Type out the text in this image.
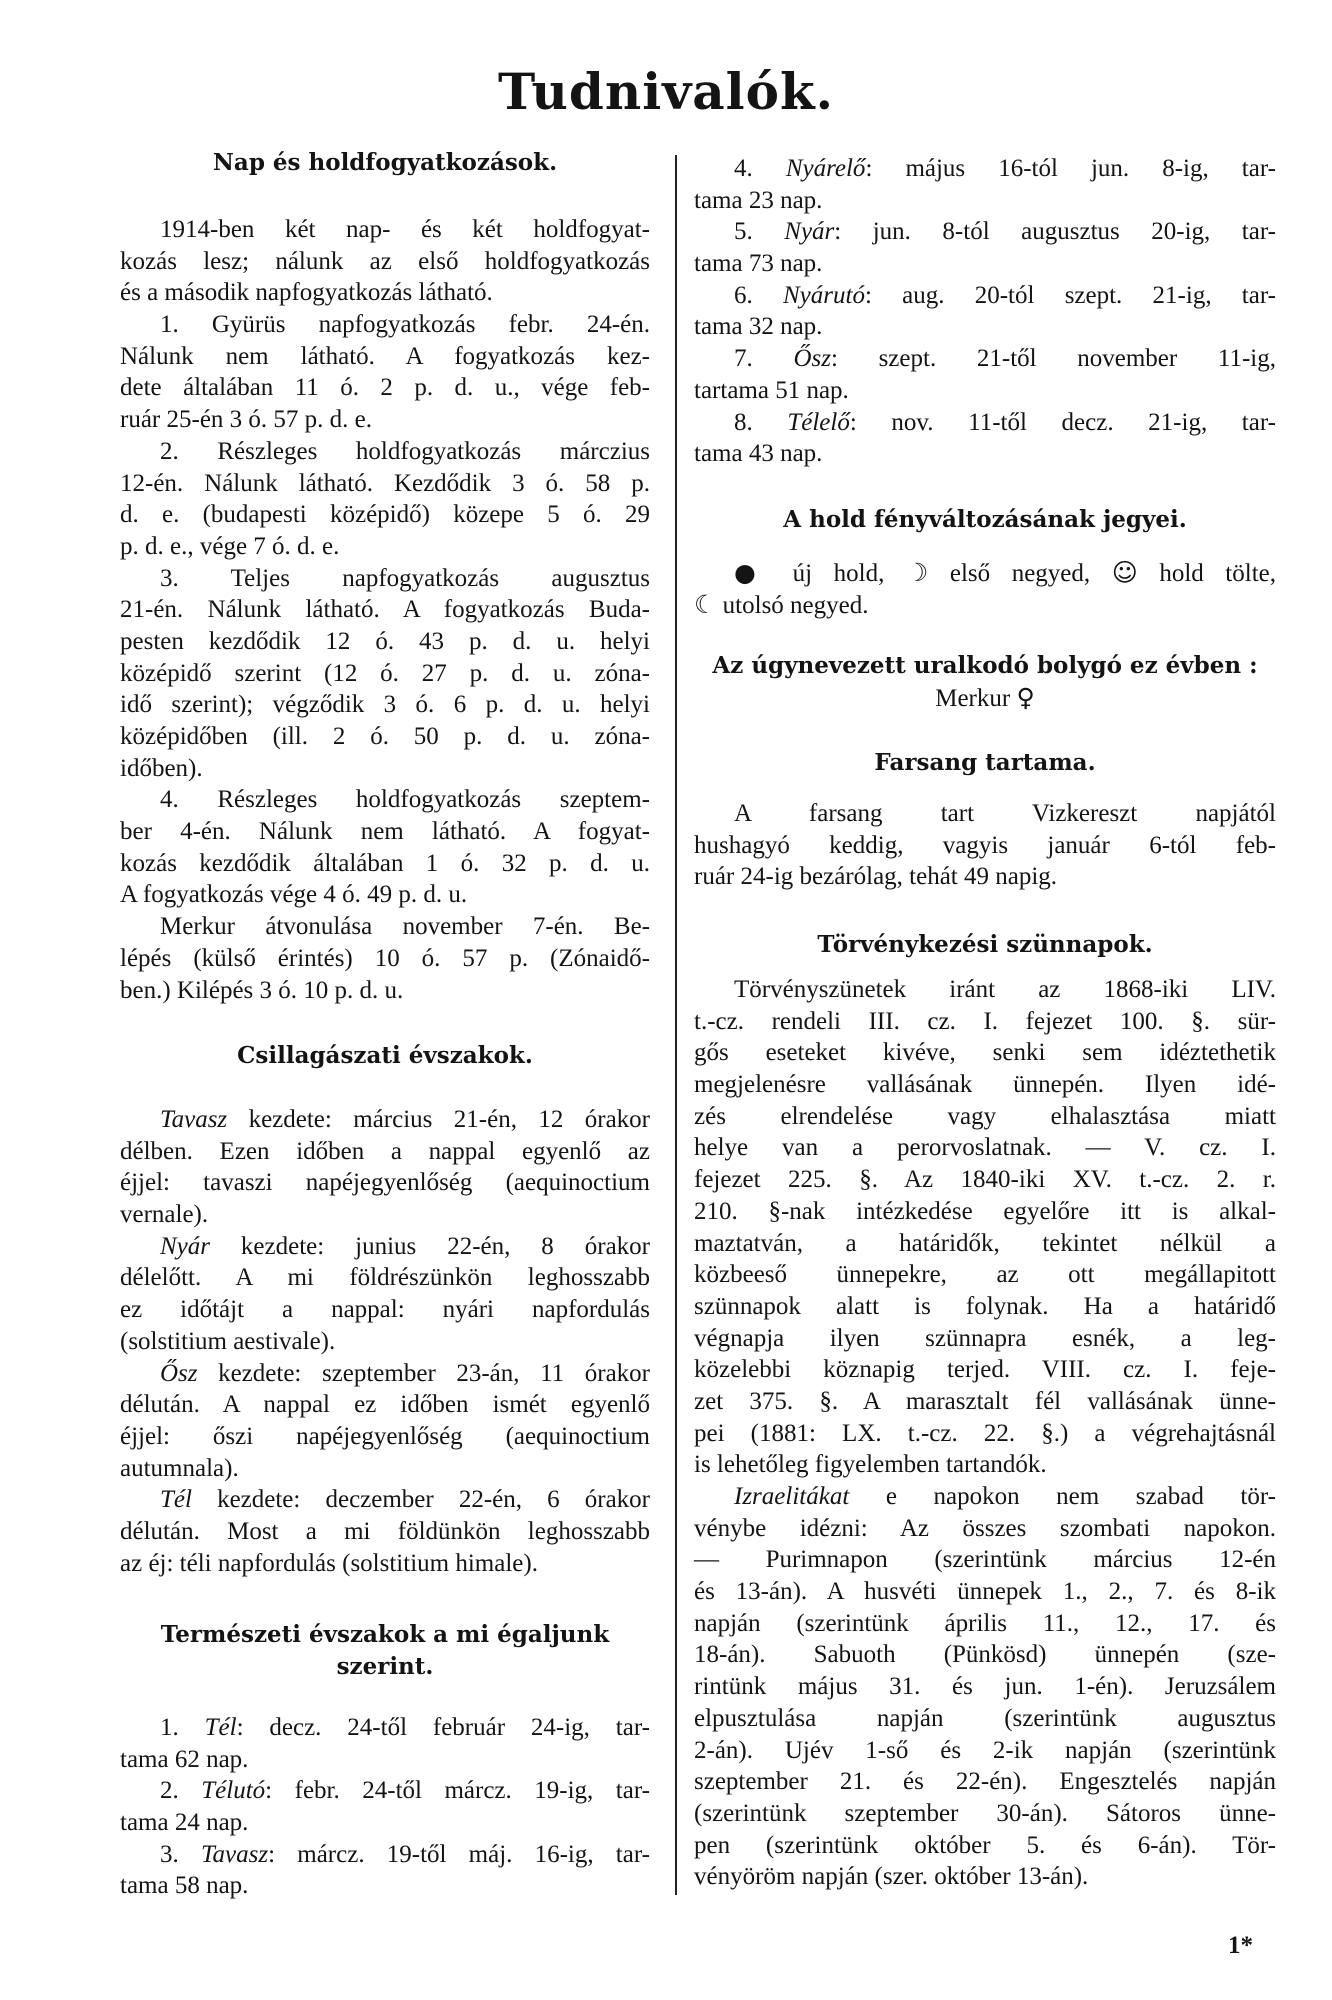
Tudnivalók.
Nap és holdfogyatkozások.
1914-ben két nap- és két holdfogyat-
kozás lesz; nálunk az első holdfogyatkozás
és a második napfogyatkozás látható.
1. Gyürüs napfogyatkozás febr. 24-én.
Nálunk nem látható. A fogyatkozás kez-
dete általában 11 ó. 2 p. d. u., vége feb-
ruár 25-én 3 ó. 57 p. d. e.
2. Részleges holdfogyatkozás márczius
12-én. Nálunk látható. Kezdődik 3 ó. 58 p.
d. e. (budapesti középidő) közepe 5 ó. 29
p. d. e., vége 7 ó. d. e.
3. Teljes napfogyatkozás augusztus
21-én. Nálunk látható. A fogyatkozás Buda-
pesten kezdődik 12 ó. 43 p. d. u. helyi
középidő szerint (12 ó. 27 p. d. u. zóna-
idő szerint); végződik 3 ó. 6 p. d. u. helyi
középidőben (ill. 2 ó. 50 p. d. u. zóna-
időben).
4. Részleges holdfogyatkozás szeptem-
ber 4-én. Nálunk nem látható. A fogyat-
kozás kezdődik általában 1 ó. 32 p. d. u.
A fogyatkozás vége 4 ó. 49 p. d. u.
Merkur átvonulása november 7-én. Be-
lépés (külső érintés) 10 ó. 57 p. (Zónaidő-
ben.) Kilépés 3 ó. 10 p. d. u.
Csillagászati évszakok.
Tavasz kezdete: március 21-én, 12 órakor
délben. Ezen időben a nappal egyenlő az
éjjel: tavaszi napéjegyenlőség (aequinoctium
vernale).
Nyár kezdete: junius 22-én, 8 órakor
délelőtt. A mi földrészünkön leghosszabb
ez időtájt a nappal: nyári napfordulás
(solstitium aestivale).
Ősz kezdete: szeptember 23-án, 11 órakor
délután. A nappal ez időben ismét egyenlő
éjjel: őszi napéjegyenlőség (aequinoctium
autumnala).
Tél kezdete: deczember 22-én, 6 órakor
délután. Most a mi földünkön leghosszabb
az éj: téli napfordulás (solstitium himale).
Természeti évszakok a mi égaljunk
szerint.
1. Tél: decz. 24-től február 24-ig, tar-
tama 62 nap.
2. Télutó: febr. 24-től márcz. 19-ig, tar-
tama 24 nap.
3. Tavasz: márcz. 19-től máj. 16-ig, tar-
tama 58 nap.
4. Nyárelő: május 16-tól jun. 8-ig, tar-
tama 23 nap.
5. Nyár: jun. 8-tól augusztus 20-ig, tar-
tama 73 nap.
6. Nyárutó: aug. 20-tól szept. 21-ig, tar-
tama 32 nap.
7. Ősz: szept. 21-től november 11-ig,
tartama 51 nap.
8. Télelő: nov. 11-től decz. 21-ig, tar-
tama 43 nap.
A hold fényváltozásának jegyei.
● új hold, ☽ első negyed, ☺ hold tölte,
☾ utolsó negyed.
Az úgynevezett uralkodó bolygó ez évben :
Merkur ♀
Farsang tartama.
A farsang tart Vizkereszt napjától
hushagyó keddig, vagyis január 6-tól feb-
ruár 24-ig bezárólag, tehát 49 napig.
Törvénykezési szünnapok.
Törvényszünetek iránt az 1868-iki LIV.
t.-cz. rendeli III. cz. I. fejezet 100. §. sür-
gős eseteket kivéve, senki sem idéztethetik
megjelenésre vallásának ünnepén. Ilyen idé-
zés elrendelése vagy elhalasztása miatt
helye van a perorvoslatnak. — V. cz. I.
fejezet 225. §. Az 1840-iki XV. t.-cz. 2. r.
210. §-nak intézkedése egyelőre itt is alkal-
maztatván, a határidők, tekintet nélkül a
közbeeső ünnepekre, az ott megállapitott
szünnapok alatt is folynak. Ha a határidő
végnapja ilyen szünnapra esnék, a leg-
közelebbi köznapig terjed. VIII. cz. I. feje-
zet 375. §. A marasztalt fél vallásának ünne-
pei (1881: LX. t.-cz. 22. §.) a végrehajtásnál
is lehetőleg figyelemben tartandók.
Izraelitákat e napokon nem szabad tör-
vénybe idézni: Az összes szombati napokon.
— Purimnapon (szerintünk március 12-én
és 13-án). A husvéti ünnepek 1., 2., 7. és 8-ik
napján (szerintünk április 11., 12., 17. és
18-án). Sabuoth (Pünkösd) ünnepén (sze-
rintünk május 31. és jun. 1-én). Jeruzsálem
elpusztulása napján (szerintünk augusztus
2-án). Ujév 1-ső és 2-ik napján (szerintünk
szeptember 21. és 22-én). Engesztelés napján
(szerintünk szeptember 30-án). Sátoros ünne-
pen (szerintünk október 5. és 6-án). Tör-
vényöröm napján (szer. október 13-án).
1*
